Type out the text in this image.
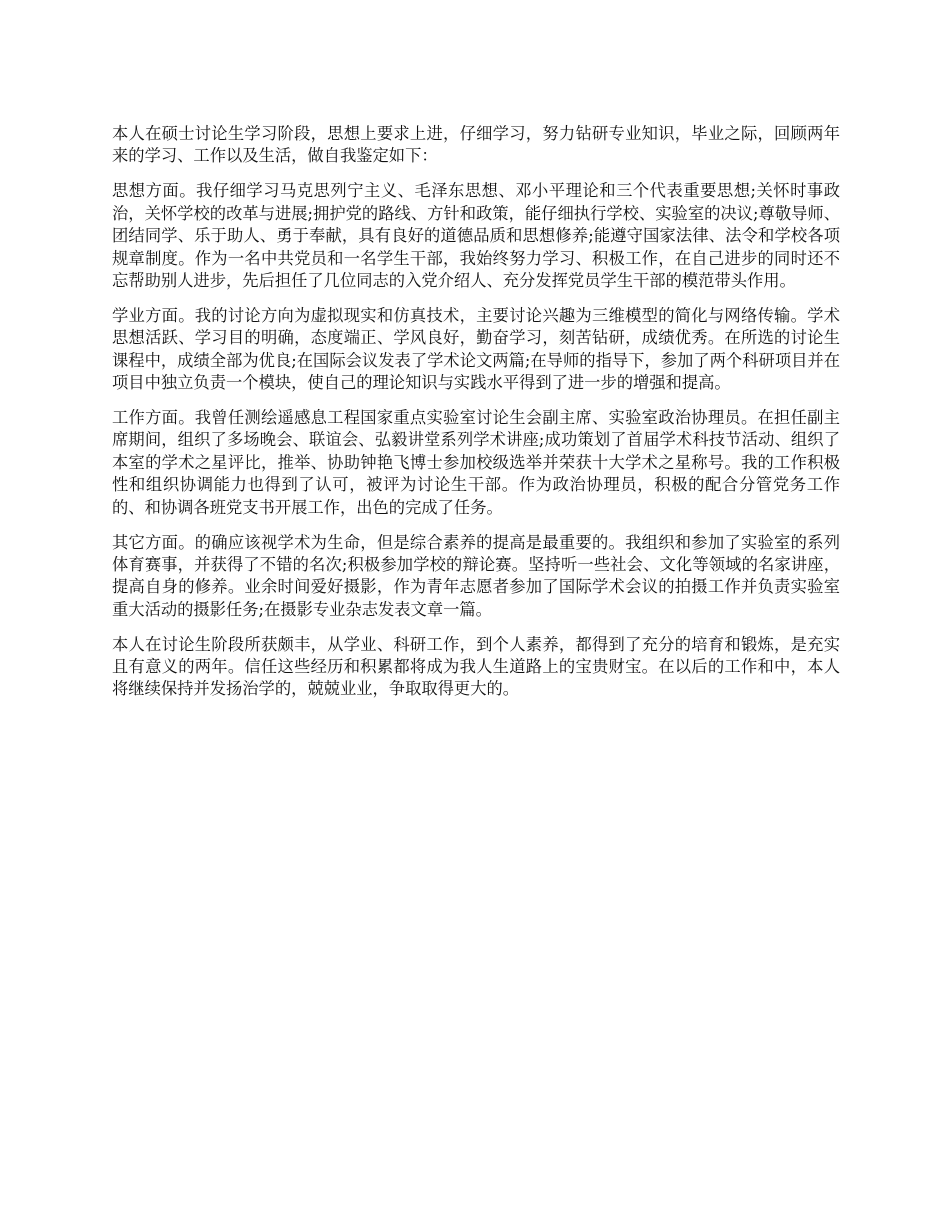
本人在硕士讨论生学习阶段，思想上要求上进，仔细学习，努力钻研专业知识，毕业之际，回顾两年来的学习、工作以及生活，做自我鉴定如下：

思想方面。我仔细学习马克思列宁主义、毛泽东思想、邓小平理论和三个代表重要思想;关怀时事政治，关怀学校的改革与进展;拥护党的路线、方针和政策，能仔细执行学校、实验室的决议;尊敬导师、团结同学、乐于助人、勇于奉献，具有良好的道德品质和思想修养;能遵守国家法律、法令和学校各项规章制度。作为一名中共党员和一名学生干部，我始终努力学习、积极工作，在自己进步的同时还不忘帮助别人进步，先后担任了几位同志的入党介绍人、充分发挥党员学生干部的模范带头作用。

学业方面。我的讨论方向为虚拟现实和仿真技术，主要讨论兴趣为三维模型的简化与网络传输。学术思想活跃、学习目的明确，态度端正、学风良好，勤奋学习，刻苦钻研，成绩优秀。在所选的讨论生课程中，成绩全部为优良;在国际会议发表了学术论文两篇;在导师的指导下，参加了两个科研项目并在项目中独立负责一个模块，使自己的理论知识与实践水平得到了进一步的增强和提高。

工作方面。我曾任测绘遥感息工程国家重点实验室讨论生会副主席、实验室政治协理员。在担任副主席期间，组织了多场晚会、联谊会、弘毅讲堂系列学术讲座;成功策划了首届学术科技节活动、组织了本室的学术之星评比，推举、协助钟艳飞博士参加校级选举并荣获十大学术之星称号。我的工作积极性和组织协调能力也得到了认可，被评为讨论生干部。作为政治协理员，积极的配合分管党务工作的、和协调各班党支书开展工作，出色的完成了任务。

其它方面。的确应该视学术为生命，但是综合素养的提高是最重要的。我组织和参加了实验室的系列体育赛事，并获得了不错的名次;积极参加学校的辩论赛。坚持听一些社会、文化等领域的名家讲座，提高自身的修养。业余时间爱好摄影，作为青年志愿者参加了国际学术会议的拍摄工作并负责实验室重大活动的摄影任务;在摄影专业杂志发表文章一篇。

本人在讨论生阶段所获颇丰，从学业、科研工作，到个人素养，都得到了充分的培育和锻炼，是充实且有意义的两年。信任这些经历和积累都将成为我人生道路上的宝贵财宝。在以后的工作和中，本人将继续保持并发扬治学的，兢兢业业，争取取得更大的。
